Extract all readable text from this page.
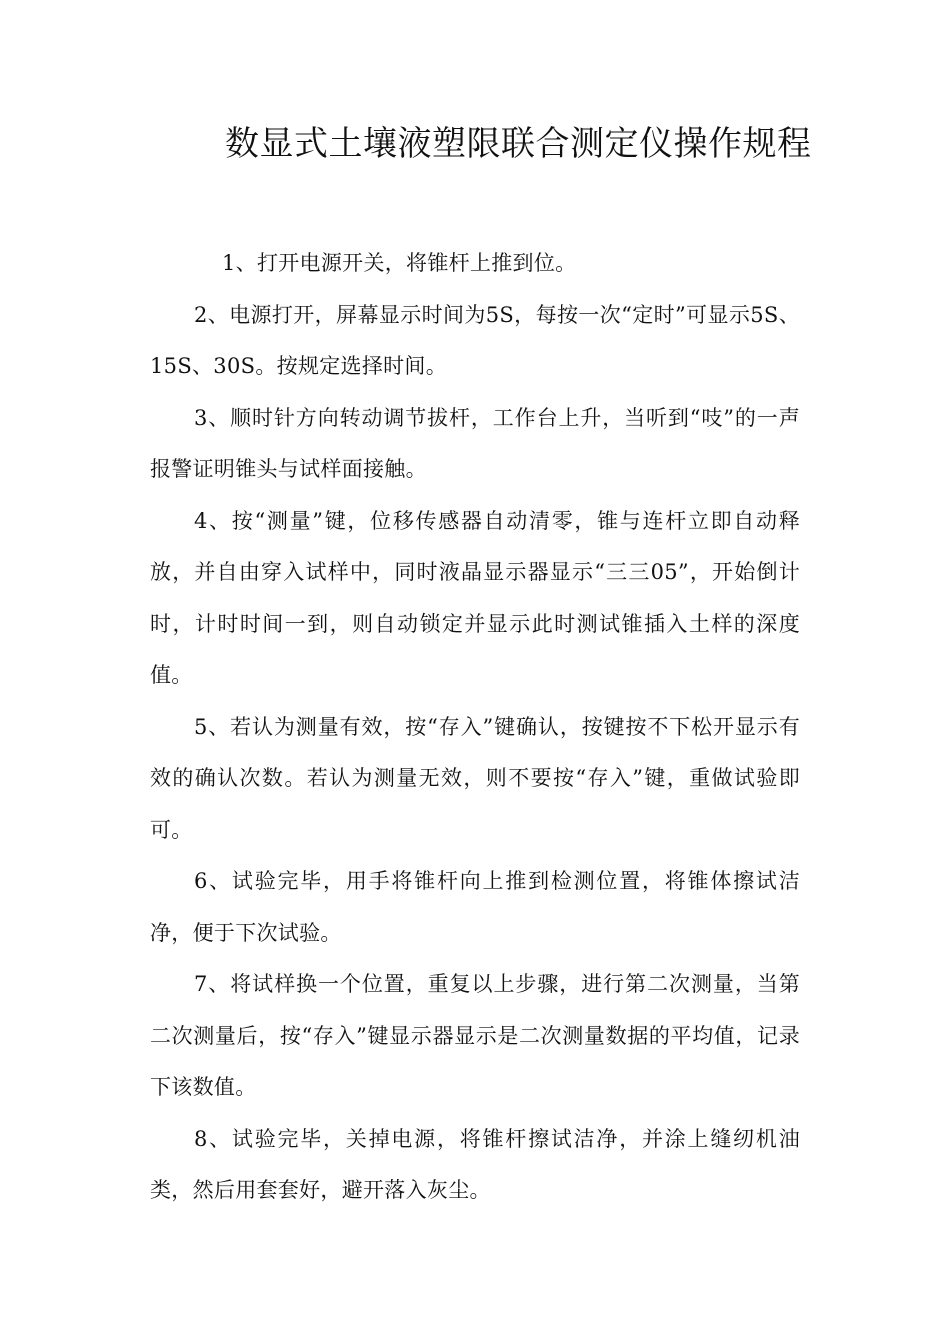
数显式土壤液塑限联合测定仪操作规程

1、打开电源开关，将锥杆上推到位。

2、电源打开，屏幕显示时间为5S，每按一次“定时”可显示5S、15S、30S。按规定选择时间。

3、顺时针方向转动调节拔杆，工作台上升，当听到“吱”的一声报警证明锥头与试样面接触。

4、按“测量”键，位移传感器自动清零，锥与连杆立即自动释放，并自由穿入试样中，同时液晶显示器显示“三三05”，开始倒计时，计时时间一到，则自动锁定并显示此时测试锥插入土样的深度值。

5、若认为测量有效，按“存入”键确认，按键按不下松开显示有效的确认次数。若认为测量无效，则不要按“存入”键，重做试验即可。

6、试验完毕，用手将锥杆向上推到检测位置，将锥体擦试洁净，便于下次试验。

7、将试样换一个位置，重复以上步骤，进行第二次测量，当第二次测量后，按“存入”键显示器显示是二次测量数据的平均值，记录下该数值。

8、试验完毕，关掉电源，将锥杆擦试洁净，并涂上缝纫机油类，然后用套套好，避开落入灰尘。
